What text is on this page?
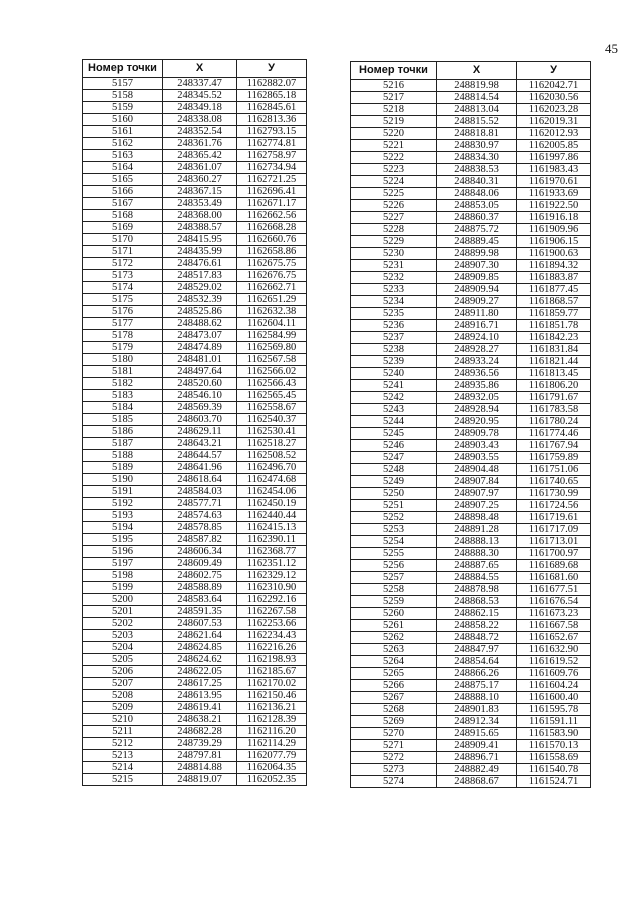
45
Номер точки	X	У
5157	248337.47	1162882.07
5158	248345.52	1162865.18
5159	248349.18	1162845.61
5160	248338.08	1162813.36
5161	248352.54	1162793.15
5162	248361.76	1162774.81
5163	248365.42	1162758.97
5164	248361.07	1162734.94
5165	248360.27	1162721.25
5166	248367.15	1162696.41
5167	248353.49	1162671.17
5168	248368.00	1162662.56
5169	248388.57	1162668.28
5170	248415.95	1162660.76
5171	248435.99	1162658.86
5172	248476.61	1162675.75
5173	248517.83	1162676.75
5174	248529.02	1162662.71
5175	248532.39	1162651.29
5176	248525.86	1162632.38
5177	248488.62	1162604.11
5178	248473.07	1162584.99
5179	248474.89	1162569.80
5180	248481.01	1162567.58
5181	248497.64	1162566.02
5182	248520.60	1162566.43
5183	248546.10	1162565.45
5184	248569.39	1162558.67
5185	248603.70	1162540.37
5186	248629.11	1162530.41
5187	248643.21	1162518.27
5188	248644.57	1162508.52
5189	248641.96	1162496.70
5190	248618.64	1162474.68
5191	248584.03	1162454.06
5192	248577.71	1162450.19
5193	248574.63	1162440.44
5194	248578.85	1162415.13
5195	248587.82	1162390.11
5196	248606.34	1162368.77
5197	248609.49	1162351.12
5198	248602.75	1162329.12
5199	248588.89	1162310.90
5200	248583.64	1162292.16
5201	248591.35	1162267.58
5202	248607.53	1162253.66
5203	248621.64	1162234.43
5204	248624.85	1162216.26
5205	248624.62	1162198.93
5206	248622.05	1162185.67
5207	248617.25	1162170.02
5208	248613.95	1162150.46
5209	248619.41	1162136.21
5210	248638.21	1162128.39
5211	248682.28	1162116.20
5212	248739.29	1162114.29
5213	248797.81	1162077.79
5214	248814.88	1162064.35
5215	248819.07	1162052.35
Номер точки	X	У
5216	248819.98	1162042.71
5217	248814.54	1162030.56
5218	248813.04	1162023.28
5219	248815.52	1162019.31
5220	248818.81	1162012.93
5221	248830.97	1162005.85
5222	248834.30	1161997.86
5223	248838.53	1161983.43
5224	248840.31	1161970.61
5225	248848.06	1161933.69
5226	248853.05	1161922.50
5227	248860.37	1161916.18
5228	248875.72	1161909.96
5229	248889.45	1161906.15
5230	248899.98	1161900.63
5231	248907.30	1161894.32
5232	248909.85	1161883.87
5233	248909.94	1161877.45
5234	248909.27	1161868.57
5235	248911.80	1161859.77
5236	248916.71	1161851.78
5237	248924.10	1161842.23
5238	248928.27	1161831.84
5239	248933.24	1161821.44
5240	248936.56	1161813.45
5241	248935.86	1161806.20
5242	248932.05	1161791.67
5243	248928.94	1161783.58
5244	248920.95	1161780.24
5245	248909.78	1161774.46
5246	248903.43	1161767.94
5247	248903.55	1161759.89
5248	248904.48	1161751.06
5249	248907.84	1161740.65
5250	248907.97	1161730.99
5251	248907.25	1161724.56
5252	248898.48	1161719.61
5253	248891.28	1161717.09
5254	248888.13	1161713.01
5255	248888.30	1161700.97
5256	248887.65	1161689.68
5257	248884.55	1161681.60
5258	248878.98	1161677.51
5259	248868.53	1161676.54
5260	248862.15	1161673.23
5261	248858.22	1161667.58
5262	248848.72	1161652.67
5263	248847.97	1161632.90
5264	248854.64	1161619.52
5265	248866.26	1161609.76
5266	248875.17	1161604.24
5267	248888.10	1161600.40
5268	248901.83	1161595.78
5269	248912.34	1161591.11
5270	248915.65	1161583.90
5271	248909.41	1161570.13
5272	248896.71	1161558.69
5273	248882.49	1161540.78
5274	248868.67	1161524.71
